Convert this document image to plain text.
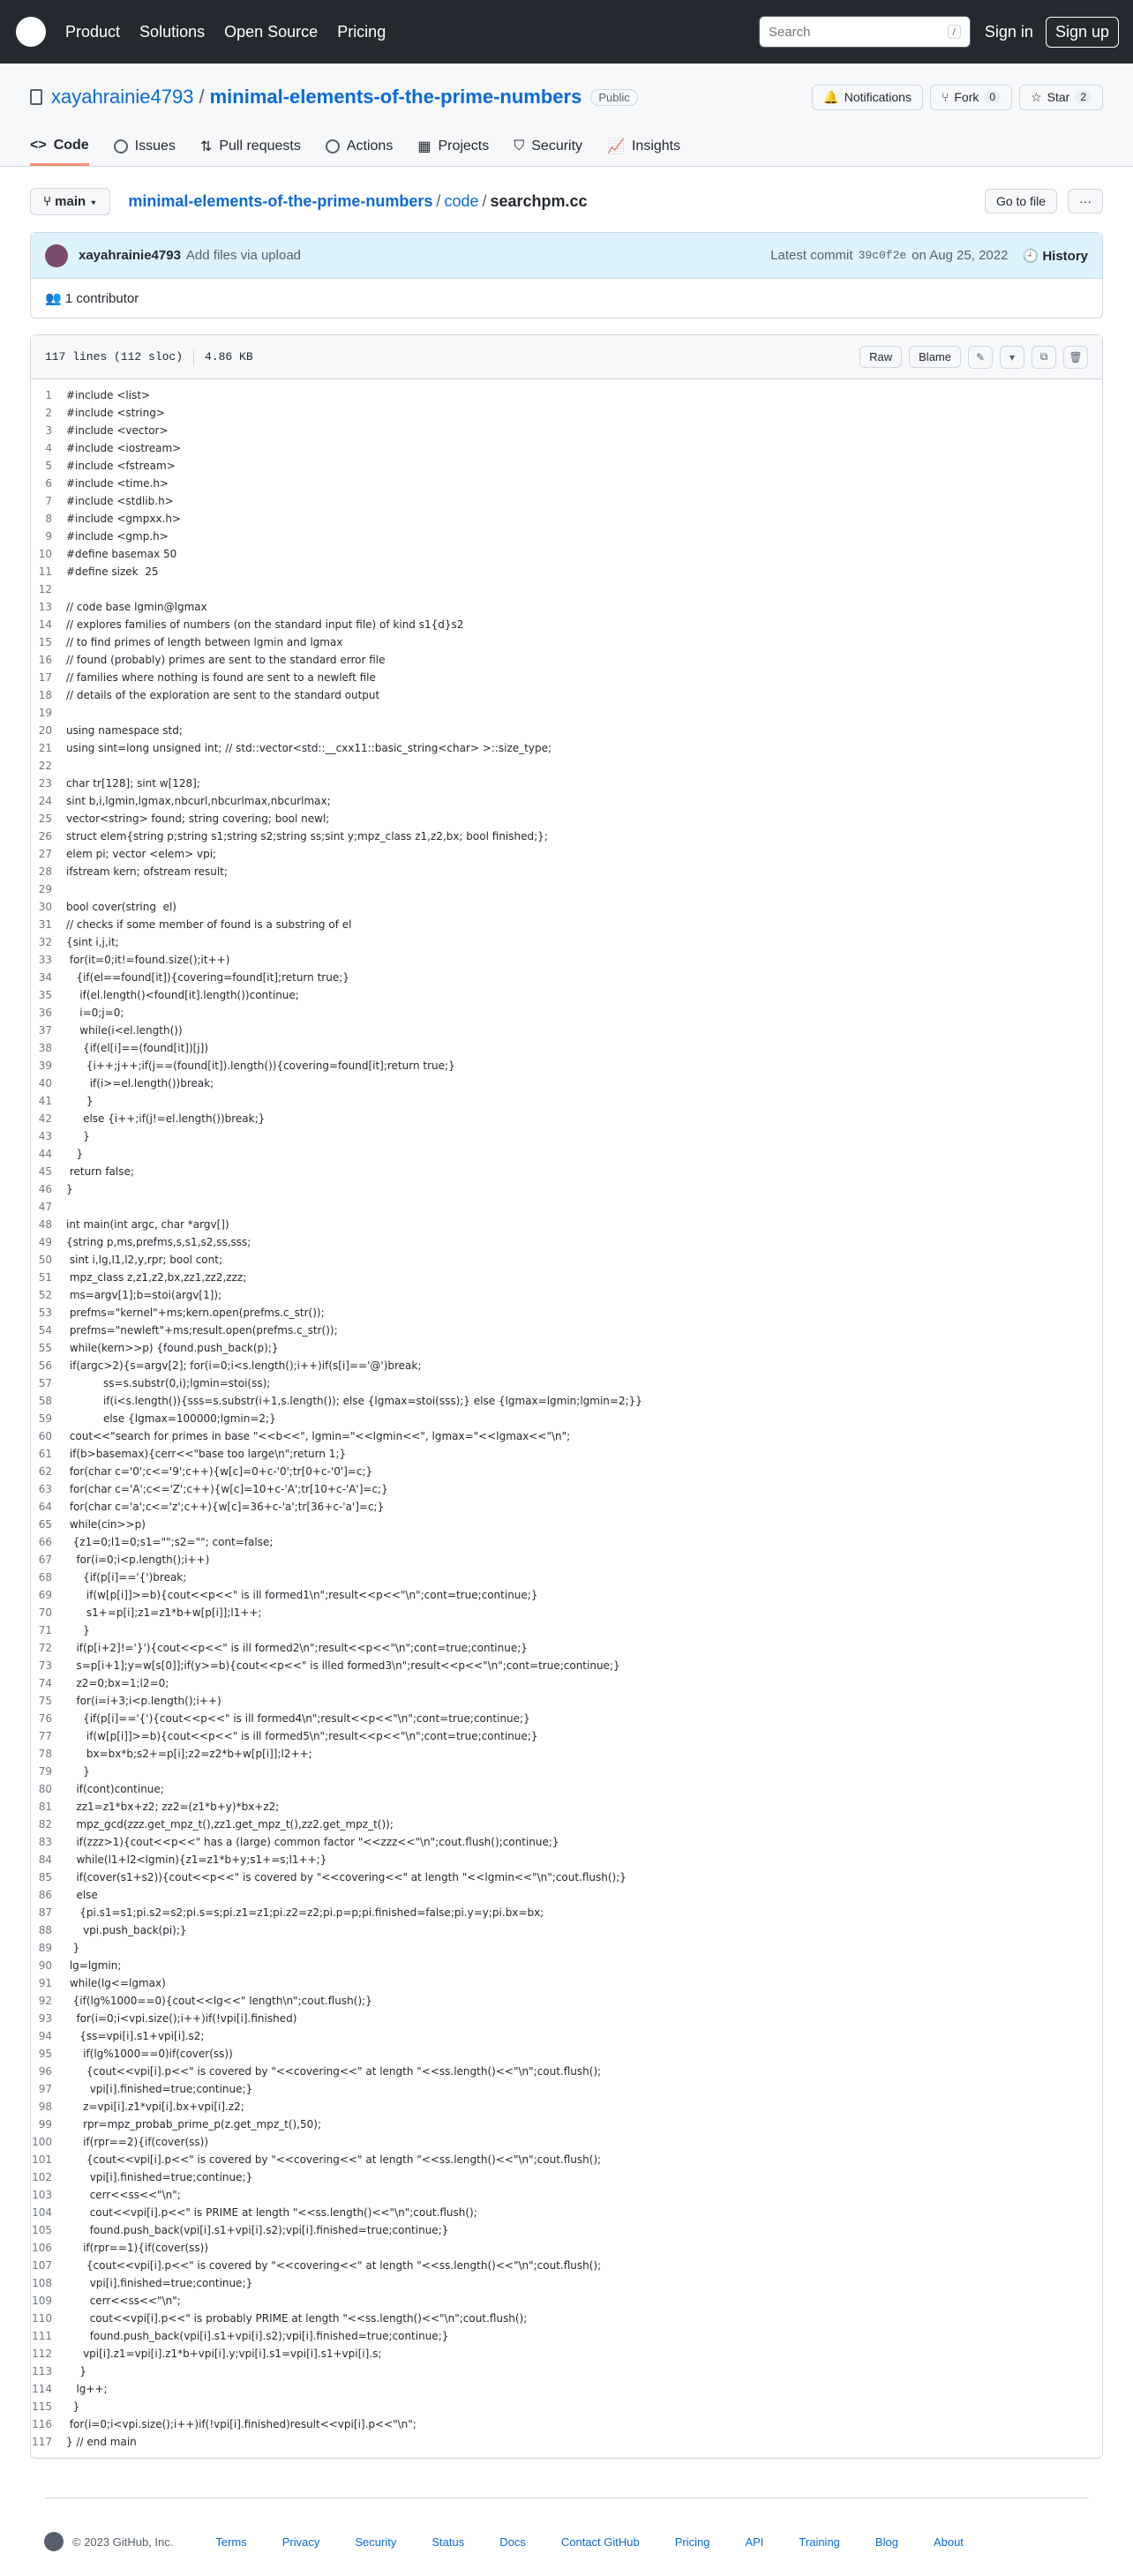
Product Solutions Open Source Pricing	Search	/	Sign in	Sign up
xayahrainie4793 / minimal-elements-of-the-prime-numbers	Public	🔔 Notifications ⑂ Fork	0	☆ Star	2
<> Code	Issues ⇅ Pull requests	Actions ▦ Projects ⛉ Security 📈 Insights
⑂ main ▾	minimal-elements-of-the-prime-numbers / code / searchpm.cc	Go to file	···
xayahrainie4793 Add files via upload	Latest commit 39c0f2e on Aug 25, 2022 🕘 History
👥 1 contributor
117 lines (112 sloc) 4.86 KB	Raw	Blame	✎	▾	⧉	🗑
1	#include <list>
2	#include <string>
3	#include <vector>
4	#include <iostream>
5	#include <fstream>
6	#include <time.h>
7	#include <stdlib.h>
8	#include <gmpxx.h>
9	#include <gmp.h>
10	#define basemax 50
11	#define sizek  25
12
13	// code base lgmin@lgmax
14	// explores families of numbers (on the standard input file) of kind s1{d}s2
15	// to find primes of length between lgmin and lgmax
16	// found (probably) primes are sent to the standard error file
17	// families where nothing is found are sent to a newleft file
18	// details of the exploration are sent to the standard output
19
20	using namespace std;
21	using sint=long unsigned int; // std::vector<std::__cxx11::basic_string<char> >::size_type;
22
23	char tr[128]; sint w[128];
24	sint b,i,lgmin,lgmax,nbcurl,nbcurlmax,nbcurlmax;
25	vector<string> found; string covering; bool newl;
26	struct elem{string p;string s1;string s2;string ss;sint y;mpz_class z1,z2,bx; bool finished;};
27	elem pi; vector <elem> vpi;
28	ifstream kern; ofstream result;
29
30	bool cover(string  el)
31	// checks if some member of found is a substring of el
32	{sint i,j,it;
33	for(it=0;it!=found.size();it++)
34	{if(el==found[it]){covering=found[it];return true;}
35	if(el.length()<found[it].length())continue;
36	i=0;j=0;
37	while(i<el.length())
38	{if(el[i]==(found[it])[j])
39	{i++;j++;if(j==(found[it]).length()){covering=found[it];return true;}
40	if(i>=el.length())break;
41	}
42	else {i++;if(j!=el.length())break;}
43	}
44	}
45	return false;
46	}
47
48	int main(int argc, char *argv[])
49	{string p,ms,prefms,s,s1,s2,ss,sss;
50	sint i,lg,l1,l2,y,rpr; bool cont;
51	mpz_class z,z1,z2,bx,zz1,zz2,zzz;
52	ms=argv[1];b=stoi(argv[1]);
53	prefms="kernel"+ms;kern.open(prefms.c_str());
54	prefms="newleft"+ms;result.open(prefms.c_str());
55	while(kern>>p) {found.push_back(p);}
56	if(argc>2){s=argv[2]; for(i=0;i<s.length();i++)if(s[i]=='@')break;
57	ss=s.substr(0,i);lgmin=stoi(ss);
58	if(i<s.length()){sss=s.substr(i+1,s.length()); else {lgmax=stoi(sss);} else {lgmax=lgmin;lgmin=2;}}
59	else {lgmax=100000;lgmin=2;}
60	cout<<"search for primes in base "<<b<<", lgmin="<<lgmin<<", lgmax="<<lgmax<<"\n";
61	if(b>basemax){cerr<<"base too large\n";return 1;}
62	for(char c='0';c<='9';c++){w[c]=0+c-'0';tr[0+c-'0']=c;}
63	for(char c='A';c<='Z';c++){w[c]=10+c-'A';tr[10+c-'A']=c;}
64	for(char c='a';c<='z';c++){w[c]=36+c-'a';tr[36+c-'a']=c;}
65	while(cin>>p)
66	{z1=0;l1=0;s1="";s2=""; cont=false;
67	for(i=0;i<p.length();i++)
68	{if(p[i]=='{')break;
69	if(w[p[i]]>=b){cout<<p<<" is ill formed1\n";result<<p<<"\n";cont=true;continue;}
70	s1+=p[i];z1=z1*b+w[p[i]];l1++;
71	}
72	if(p[i+2]!='}'){cout<<p<<" is ill formed2\n";result<<p<<"\n";cont=true;continue;}
73	s=p[i+1];y=w[s[0]];if(y>=b){cout<<p<<" is illed formed3\n";result<<p<<"\n";cont=true;continue;}
74	z2=0;bx=1;l2=0;
75	for(i=i+3;i<p.length();i++)
76	{if(p[i]=='{'){cout<<p<<" is ill formed4\n";result<<p<<"\n";cont=true;continue;}
77	if(w[p[i]]>=b){cout<<p<<" is ill formed5\n";result<<p<<"\n";cont=true;continue;}
78	bx=bx*b;s2+=p[i];z2=z2*b+w[p[i]];l2++;
79	}
80	if(cont)continue;
81	zz1=z1*bx+z2; zz2=(z1*b+y)*bx+z2;
82	mpz_gcd(zzz.get_mpz_t(),zz1.get_mpz_t(),zz2.get_mpz_t());
83	if(zzz>1){cout<<p<<" has a (large) common factor "<<zzz<<"\n";cout.flush();continue;}
84	while(l1+l2<lgmin){z1=z1*b+y;s1+=s;l1++;}
85	if(cover(s1+s2)){cout<<p<<" is covered by "<<covering<<" at length "<<lgmin<<"\n";cout.flush();}
86	else
87	{pi.s1=s1;pi.s2=s2;pi.s=s;pi.z1=z1;pi.z2=z2;pi.p=p;pi.finished=false;pi.y=y;pi.bx=bx;
88	vpi.push_back(pi);}
89	}
90	lg=lgmin;
91	while(lg<=lgmax)
92	{if(lg%1000==0){cout<<lg<<" length\n";cout.flush();}
93	for(i=0;i<vpi.size();i++)if(!vpi[i].finished)
94	{ss=vpi[i].s1+vpi[i].s2;
95	if(lg%1000==0)if(cover(ss))
96	{cout<<vpi[i].p<<" is covered by "<<covering<<" at length "<<ss.length()<<"\n";cout.flush();
97	vpi[i].finished=true;continue;}
98	z=vpi[i].z1*vpi[i].bx+vpi[i].z2;
99	rpr=mpz_probab_prime_p(z.get_mpz_t(),50);
100	if(rpr==2){if(cover(ss))
101	{cout<<vpi[i].p<<" is covered by "<<covering<<" at length "<<ss.length()<<"\n";cout.flush();
102	vpi[i].finished=true;continue;}
103	cerr<<ss<<"\n";
104	cout<<vpi[i].p<<" is PRIME at length "<<ss.length()<<"\n";cout.flush();
105	found.push_back(vpi[i].s1+vpi[i].s2);vpi[i].finished=true;continue;}
106	if(rpr==1){if(cover(ss))
107	{cout<<vpi[i].p<<" is covered by "<<covering<<" at length "<<ss.length()<<"\n";cout.flush();
108	vpi[i].finished=true;continue;}
109	cerr<<ss<<"\n";
110	cout<<vpi[i].p<<" is probably PRIME at length "<<ss.length()<<"\n";cout.flush();
111	found.push_back(vpi[i].s1+vpi[i].s2);vpi[i].finished=true;continue;}
112	vpi[i].z1=vpi[i].z1*b+vpi[i].y;vpi[i].s1=vpi[i].s1+vpi[i].s;
113	}
114	lg++;
115	}
116	for(i=0;i<vpi.size();i++)if(!vpi[i].finished)result<<vpi[i].p<<"\n";
117	} // end main
© 2023 GitHub, Inc.	Terms	Privacy	Security	Status	Docs	Contact GitHub	Pricing	API	Training	Blog	About
